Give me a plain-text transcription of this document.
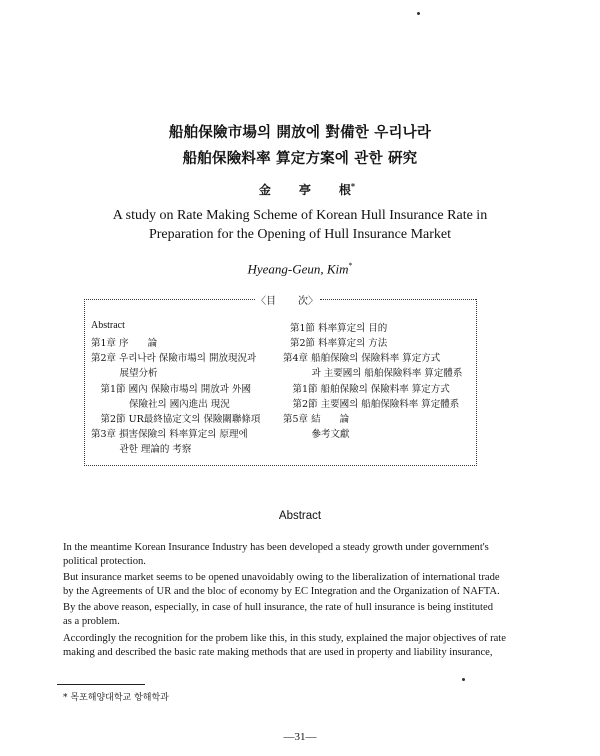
船舶保險市場의 開放에 對備한 우리나라
船舶保險料率 算定方案에 관한 硏究
金 亭 根*
A study on Rate Making Scheme of Korean Hull Insurance Rate in
Preparation for the Opening of Hull Insurance Market
Hyeang-Geun, Kim*
〈目 次〉
Abstract
第1章 序　　論
第2章 우리나라 保險市場의 開放現況과
　　　展望分析
　第1節 國內 保險市場의 開放과 外國
　　　　保險社의 國內進出 現況
　第2節 UR最終協定文의 保險關聯條項
第3章 損害保險의 料率算定의 原理에
　　　관한 理論的 考察
第1節 料率算定의 目的
第2節 料率算定의 方法
第4章 船舶保險의 保險料率 算定方式
　　　과 主要國의 船舶保險料率 算定體系
　第1節 船舶保險의 保險料率 算定方式
　第2節 主要國의 船舶保險料率 算定體系
第5章 結　　論
　　　參考文獻
Abstract
In the meantime Korean Insurance Industry has been developed a steady growth under government's
political protection.
But insurance market seems to be opened unavoidably owing to the liberalization of international trade
by the Agreements of UR and the bloc of economy by EC Integration and the Organization of NAFTA.
By the above reason, especially, in case of hull insurance, the rate of hull insurance is being instituted
as a problem.
Accordingly the recognition for the probem like this, in this study, explained the major objectives of rate
making and described the basic rate making methods that are used in property and liability insurance,
* 목포해양대학교 항해학과
—31—
